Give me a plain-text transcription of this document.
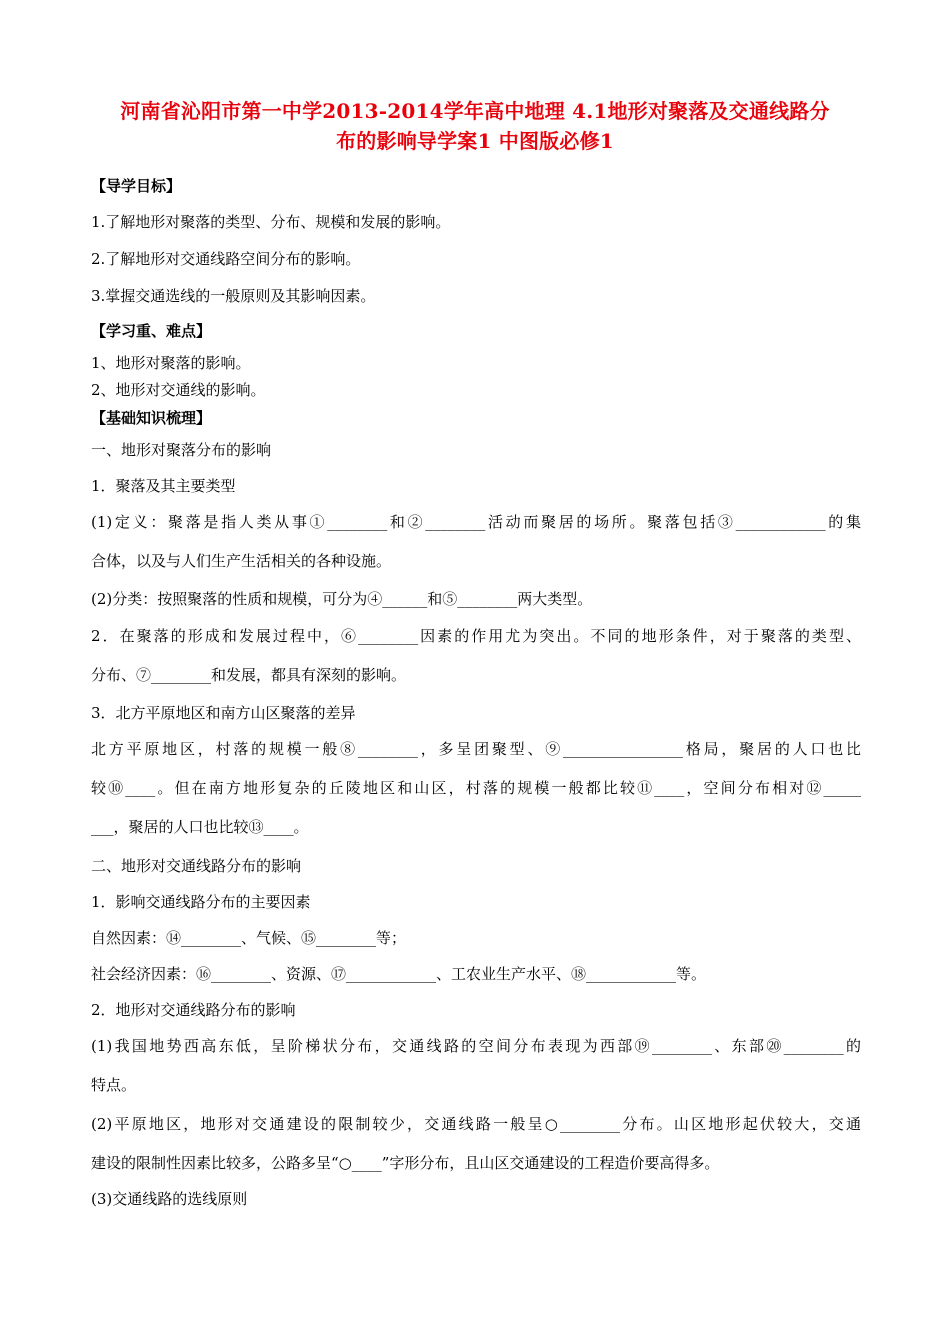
河南省沁阳市第一中学2013-2014学年高中地理 4.1地形对聚落及交通线路分
布的影响导学案1 中图版必修1
【导学目标】
1.了解地形对聚落的类型、分布、规模和发展的影响。
2.了解地形对交通线路空间分布的影响。
3.掌握交通选线的一般原则及其影响因素。
【学习重、难点】
1、地形对聚落的影响。
2、地形对交通线的影响。
【基础知识梳理】
一、地形对聚落分布的影响
1．聚落及其主要类型
(1)定义：聚落是指人类从事①________和②________活动而聚居的场所。聚落包括③____________的集
合体，以及与人们生产生活相关的各种设施。
(2)分类：按照聚落的性质和规模，可分为④______和⑤________两大类型。
2．在聚落的形成和发展过程中，⑥________因素的作用尤为突出。不同的地形条件，对于聚落的类型、
分布、⑦________和发展，都具有深刻的影响。
3．北方平原地区和南方山区聚落的差异
北方平原地区，村落的规模一般⑧________，多呈团聚型、⑨________________格局，聚居的人口也比
较⑩____。但在南方地形复杂的丘陵地区和山区，村落的规模一般都比较⑪____，空间分布相对⑫_____
___，聚居的人口也比较⑬____。
二、地形对交通线路分布的影响
1．影响交通线路分布的主要因素
自然因素：⑭________、气候、⑮________等；
社会经济因素：⑯________、资源、⑰____________、工农业生产水平、⑱____________等。
2．地形对交通线路分布的影响
(1)我国地势西高东低，呈阶梯状分布，交通线路的空间分布表现为西部⑲________、东部⑳________的
特点。
(2)平原地区，地形对交通建设的限制较少，交通线路一般呈○________分布。山区地形起伏较大，交通
建设的限制性因素比较多，公路多呈“○____”字形分布，且山区交通建设的工程造价要高得多。
(3)交通线路的选线原则
